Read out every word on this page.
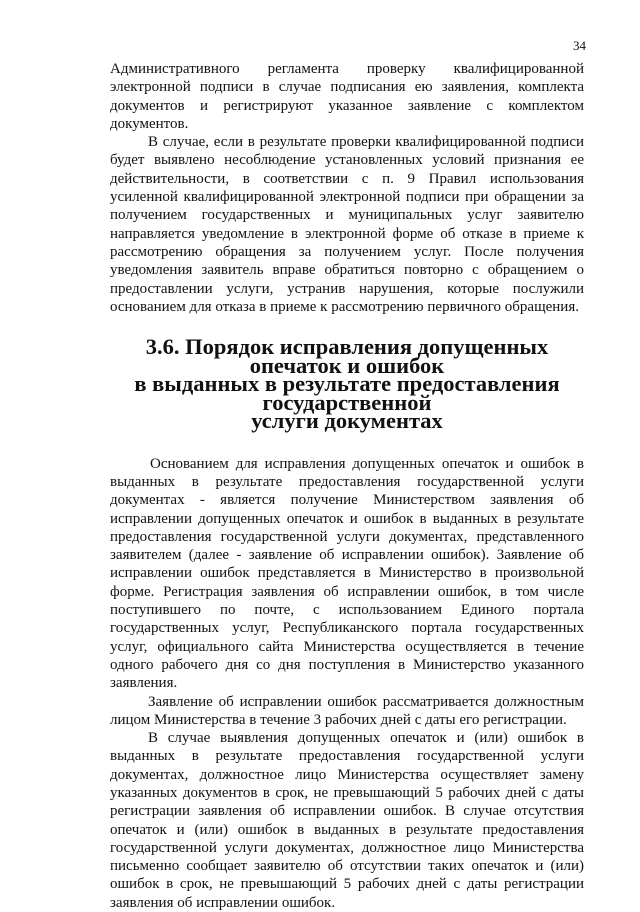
34

Административного регламента проверку квалифицированной электронной подписи в случае подписания ею заявления, комплекта документов и регистрируют указанное заявление с комплектом документов.

В случае, если в результате проверки квалифицированной подписи будет выявлено несоблюдение установленных условий признания ее действительности, в соответствии с п. 9 Правил использования усиленной квалифицированной электронной подписи при обращении за получением государственных и муниципальных услуг заявителю направляется уведомление в электронной форме об отказе в приеме к рассмотрению обращения за получением услуг. После получения уведомления заявитель вправе обратиться повторно с обращением о предоставлении услуги, устранив нарушения, которые послужили основанием для отказа в приеме к рассмотрению первичного обращения.

3.6. Порядок исправления допущенных опечаток и ошибок
в выданных в результате предоставления государственной
услуги документах

Основанием для исправления допущенных опечаток и ошибок в выданных в результате предоставления государственной услуги документах - является получение Министерством заявления об исправлении допущенных опечаток и ошибок в выданных в результате предоставления государственной услуги документах, представленного заявителем (далее - заявление об исправлении ошибок). Заявление об исправлении ошибок представляется в Министерство в произвольной форме. Регистрация заявления об исправлении ошибок, в том числе поступившего по почте, с использованием Единого портала государственных услуг, Республиканского портала государственных услуг, официального сайта Министерства осуществляется в течение одного рабочего дня со дня поступления в Министерство указанного заявления.

Заявление об исправлении ошибок рассматривается должностным лицом Министерства в течение 3 рабочих дней с даты его регистрации.

В случае выявления допущенных опечаток и (или) ошибок в выданных в результате предоставления государственной услуги документах, должностное лицо Министерства осуществляет замену указанных документов в срок, не превышающий 5 рабочих дней с даты регистрации заявления об исправлении ошибок. В случае отсутствия опечаток и (или) ошибок в выданных в результате предоставления государственной услуги документах, должностное лицо Министерства письменно сообщает заявителю об отсутствии таких опечаток и (или) ошибок в срок, не превышающий 5 рабочих дней с даты регистрации заявления об исправлении ошибок.
